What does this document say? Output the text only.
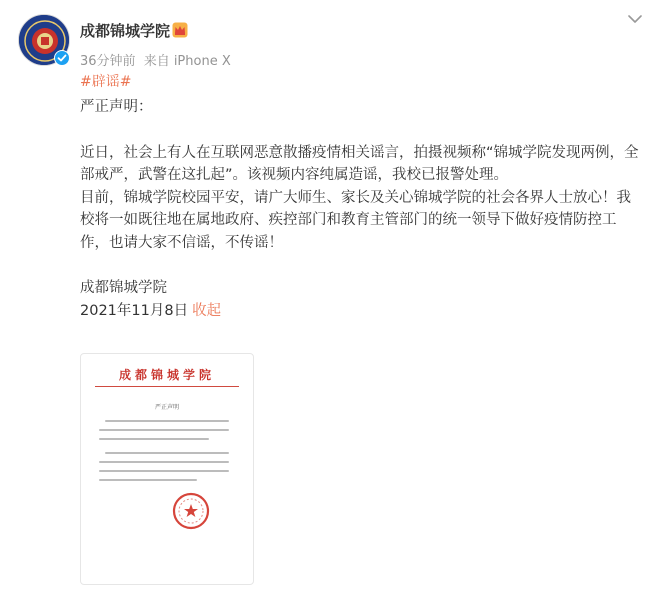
成都锦城学院
36分钟前 来自 iPhone X
#辟谣#

严正声明：

近日，社会上有人在互联网恶意散播疫情相关谣言，拍摄视频称“锦城学院发现两例，全部戒严，武警在这扎起”。该视频内容纯属造谣，我校已报警处理。

目前，锦城学院校园平安，请广大师生、家长及关心锦城学院的社会各界人士放心！我校将一如既往地在属地政府、疾控部门和教育主管部门的统一领导下做好疫情防控工作，也请大家不信谣，不传谣！

成都锦城学院

2021年11月8日 收起

成都锦城学院
严正声明
